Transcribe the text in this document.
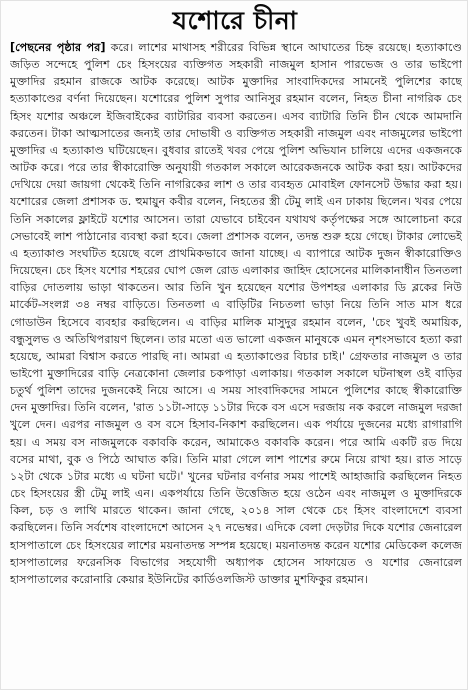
যশোরে চীনা
[পেছনের পৃষ্ঠার পর] করে। লাশের মাথাসহ শরীরের বিভিন্ন স্থানে আঘাতের চিহ্ন রয়েছে। হত্যাকাণ্ডে জড়িত সন্দেহে পুলিশ চেং হিসংয়ের ব্যক্তিগত সহকারী নাজমুল হাসান পারভেজ ও তার ভাইপো মুক্তাদির রহমান রাজকে আটক করেছে। আটক মুক্তাদির সাংবাদিকদের সামনেই পুলিশের কাছে হত্যাকাণ্ডের বর্ণনা দিয়েছেন। যশোরের পুলিশ সুপার আনিসুর রহমান বলেন, নিহত চীনা নাগরিক চেং হিসং যশোর অঞ্চলে ইজিবাইকের ব্যাটারির ব্যবসা করতেন। এসব ব্যাটারি তিনি চীন থেকে আমদানি করতেন। টাকা আত্মসাতের জন্যই তার দোভাষী ও ব্যক্তিগত সহকারী নাজমুল এবং নাজমুলের ভাইপো মুক্তাদির এ হত্যাকাণ্ড ঘটিয়েছেন। বুধবার রাতেই খবর পেয়ে পুলিশ অভিযান চালিয়ে এদের একজনকে আটক করে। পরে তার স্বীকারোক্তি অনুযায়ী গতকাল সকালে আরেকজনকে আটক করা হয়। আটকদের দেখিয়ে দেয়া জায়গা থেকেই তিনি নাগরিকের লাশ ও তার ব্যবহৃত মোবাইল ফোনসেট উদ্ধার করা হয়। যশোরের জেলা প্রশাসক ড. হুমায়ুন কবীর বলেন, নিহতের স্ত্রী টেমু লাই এন ঢাকায় ছিলেন। খবর পেয়ে তিনি সকালের ফ্লাইটে যশোর আসেন। তারা যেভাবে চাইবেন যথাযথ কর্তৃপক্ষের সঙ্গে আলোচনা করে সেভাবেই লাশ পাঠানোর ব্যবস্থা করা হবে। জেলা প্রশাসক বলেন, তদন্ত শুরু হয়ে গেছে। টাকার লোভেই এ হত্যাকাণ্ড সংঘটিত হয়েছে বলে প্রাথমিকভাবে জানা যাচ্ছে। এ ব্যাপারে আটক দুজন স্বীকারোক্তিও দিয়েছেন। চেং হিসং যশোর শহরের ঘোপ জেল রোড এলাকার জাহিদ হোসেনের মালিকানাধীন তিনতলা বাড়ির দোতলায় ভাড়া থাকতেন। আর তিনি খুন হয়েছেন যশোর উপশহর এলাকার ডি ব্লকের নিউ মার্কেট-সংলগ্ন ৩৪ নম্বর বাড়িতে। তিনতলা এ বাড়িটির নিচতলা ভাড়া নিয়ে তিনি সাত মাস ধরে গোডাউন হিসেবে ব্যবহার করছিলেন। এ বাড়ির মালিক মাসুদুর রহমান বলেন, 'চেং খুবই অমায়িক, বন্ধুসুলভ ও অতিথিপরায়ণ ছিলেন। তার মতো এত ভালো একজন মানুষকে এমন নৃশংসভাবে হত্যা করা হয়েছে, আমরা বিশ্বাস করতে পারছি না। আমরা এ হত্যাকাণ্ডের বিচার চাই।' গ্রেফতার নাজমুল ও তার ভাইপো মুক্তাদিরের বাড়ি নেত্রকোনা জেলার চকপাড়া এলাকায়। গতকাল সকালে ঘটনাস্থল ওই বাড়ির চতুর্থ পুলিশ তাদের দুজনকেই নিয়ে আসে। এ সময় সাংবাদিকদের সামনে পুলিশের কাছে স্বীকারোক্তি দেন মুক্তাদির। তিনি বলেন, 'রাত ১১টা-সাড়ে ১১টার দিকে বস এসে দরজায় নক করলে নাজমুল দরজা খুলে দেন। এরপর নাজমুল ও বস বসে হিসাব-নিকাশ করছিলেন। এক পর্যায়ে দুজনের মধ্যে রাগারাগি হয়। এ সময় বস নাজমুলকে বকাবকি করেন, আমাকেও বকাবকি করেন। পরে আমি একটি রড দিয়ে বসের মাথা, বুক ও পিঠে আঘাত করি। তিনি মারা গেলে লাশ পাশের রুমে নিয়ে রাখা হয়। রাত সাড়ে ১২টা থেকে ১টার মধ্যে এ ঘটনা ঘটে।' খুনের ঘটনার বর্ণনার সময় পাশেই আহাজারি করছিলেন নিহত চেং হিসংয়ের স্ত্রী টেমু লাই এন। একপর্যায়ে তিনি উত্তেজিত হয়ে ওঠেন এবং নাজমুল ও মুক্তাদিরকে কিল, চড় ও লাথি মারতে থাকেন। জানা গেছে, ২০১৪ সাল থেকে চেং হিসং বাংলাদেশে ব্যবসা করছিলেন। তিনি সর্বশেষ বাংলাদেশে আসেন ২৭ নভেম্বর। এদিকে বেলা দেড়টার দিকে যশোর জেনারেল হাসপাতালে চেং হিসংয়ের লাশের ময়নাতদন্ত সম্পন্ন হয়েছে। ময়নাতদন্ত করেন যশোর মেডিকেল কলেজ হাসপাতালের ফরেনসিক বিভাগের সহযোগী অধ্যাপক হোসেন সাফায়েত ও যশোর জেনারেল হাসপাতালের করোনারি কেয়ার ইউনিটের কার্ডিওলজিস্ট ডাক্তার মুশফিকুর রহমান।
